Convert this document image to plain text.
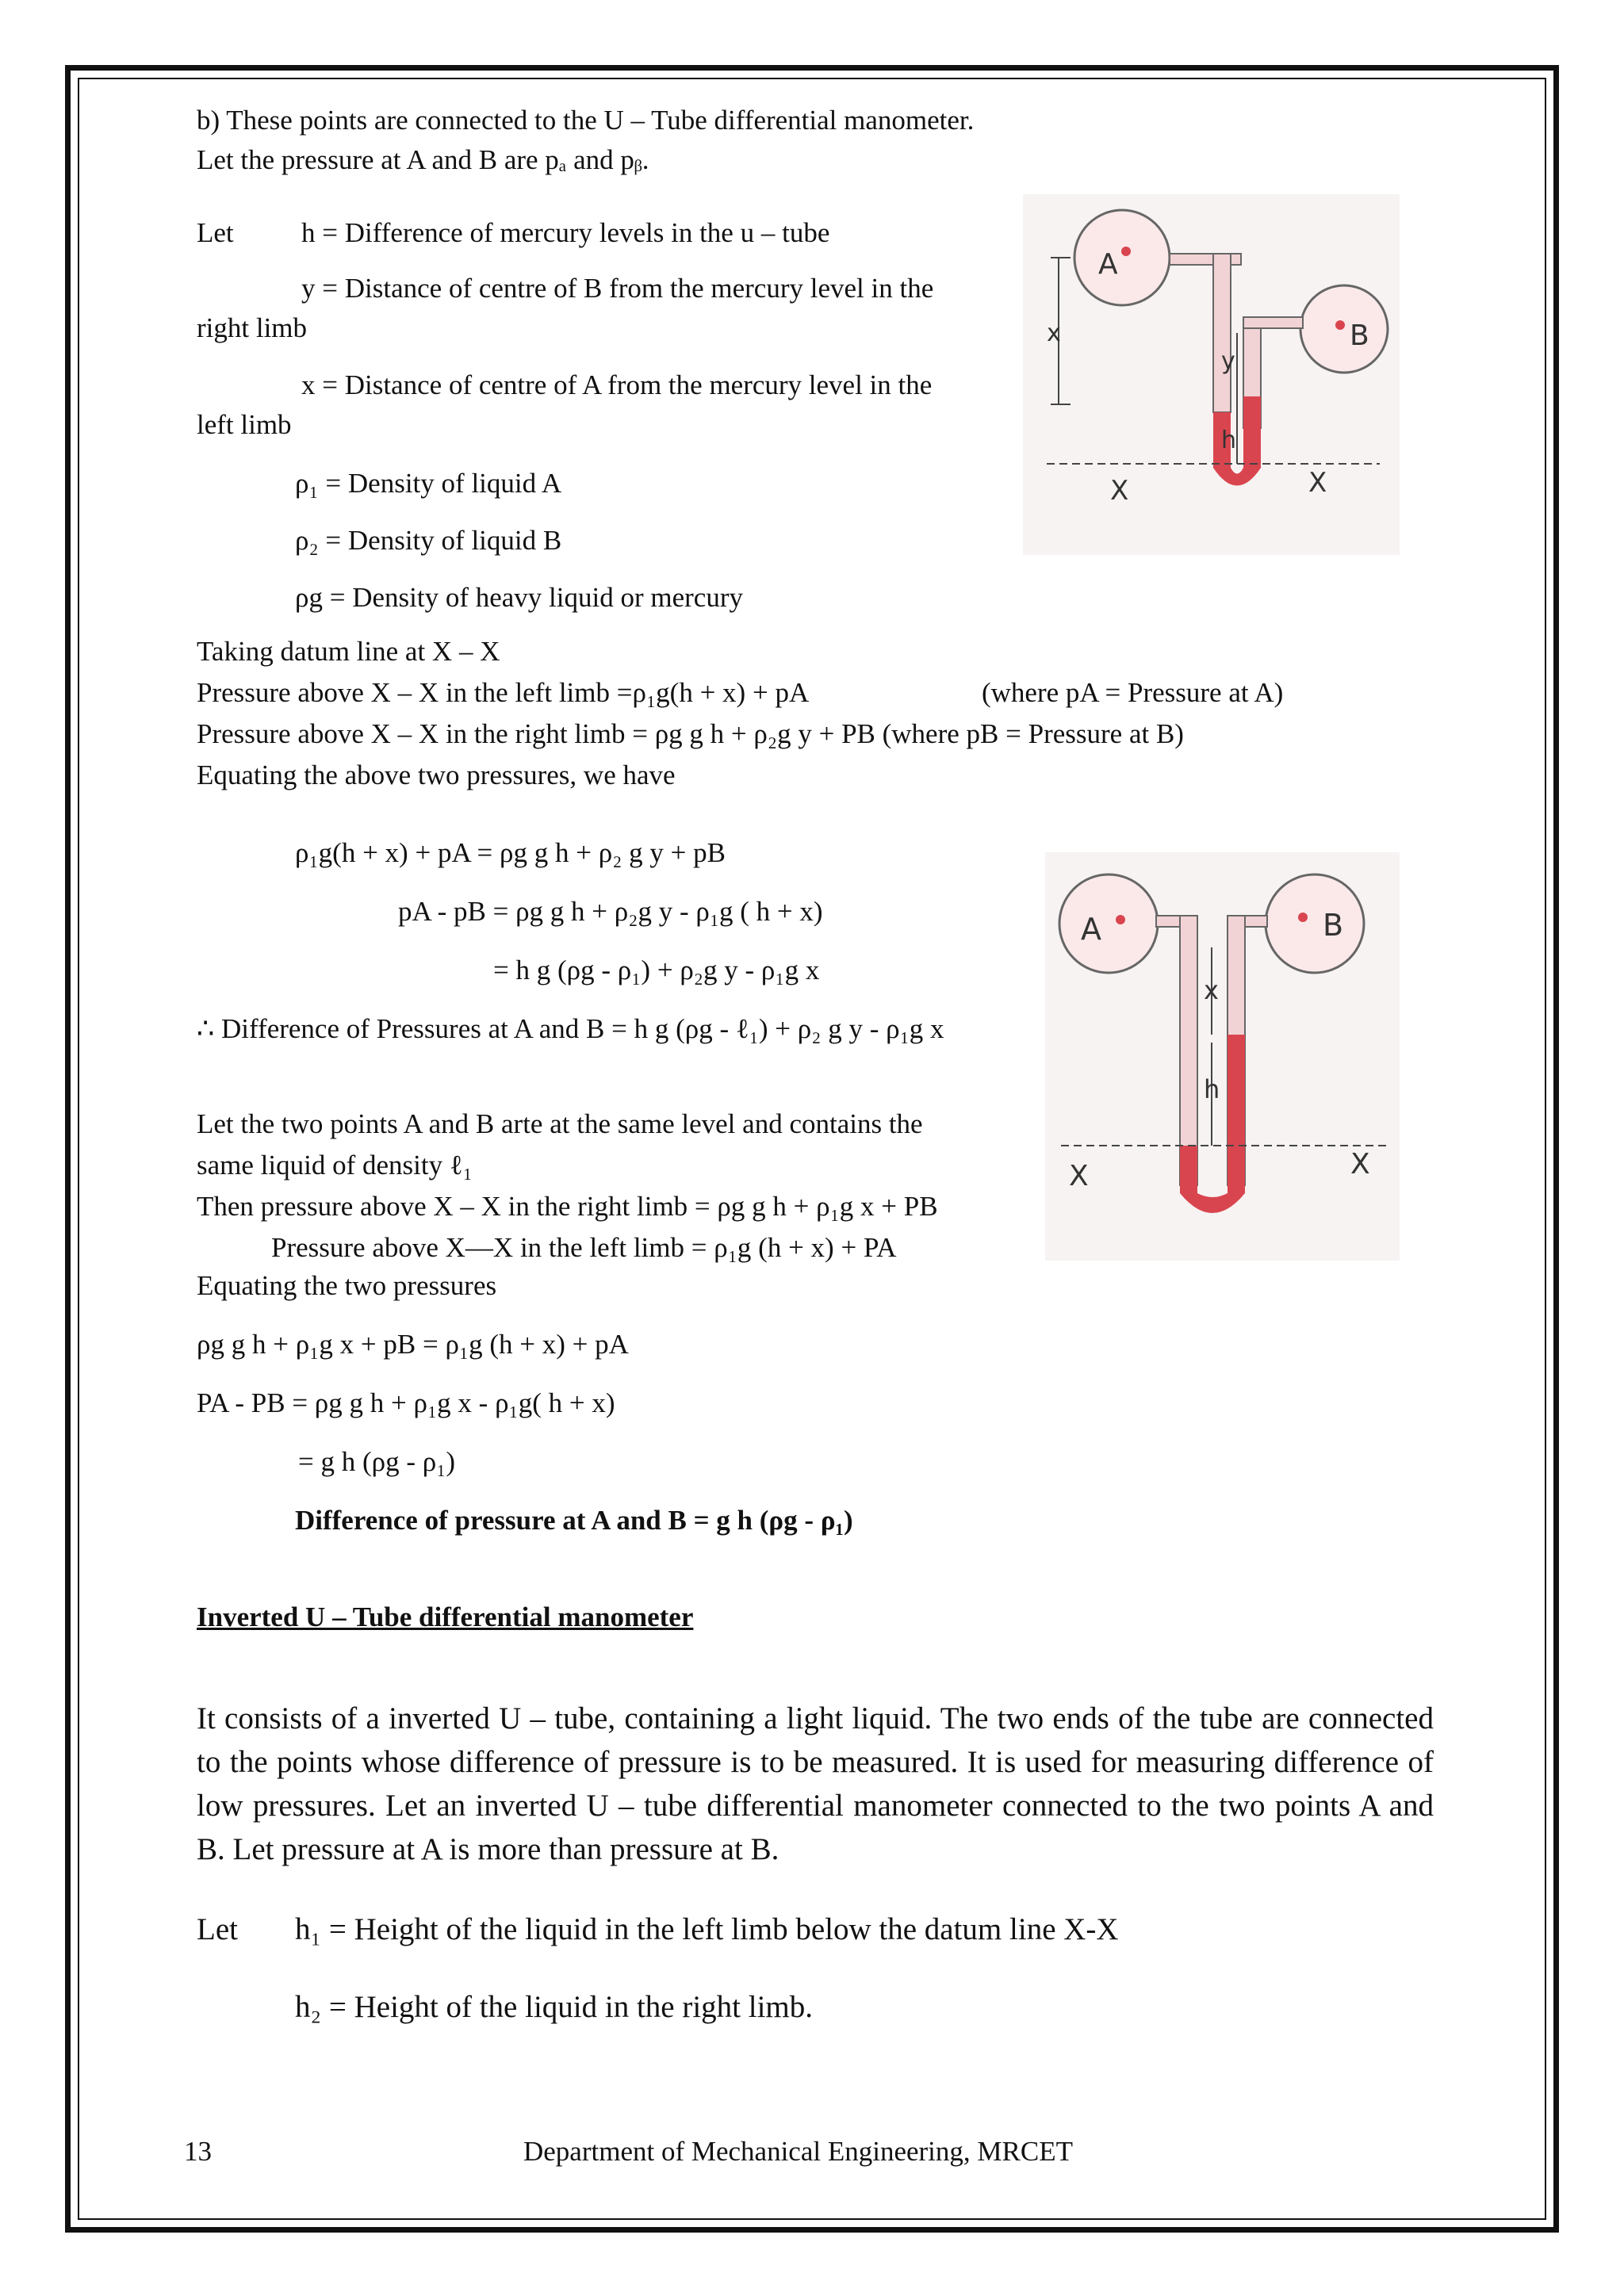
b) These points are connected to the U – Tube differential manometer.
Let the pressure at A and B are pₐ and pᵦ.
Let h = Difference of mercury levels in the u – tube
y = Distance of centre of B from the mercury level in the
right limb
x = Distance of centre of A from the mercury level in the
left limb
ρ₁ = Density of liquid A
ρ₂ = Density of liquid B
ρg = Density of heavy liquid or mercury
A
B
x
y
h
X	X
Taking datum line at X – X
Pressure above X – X in the left limb =ρ₁g(h + x) + pA	(where pA = Pressure at A)
Pressure above X – X in the right limb = ρg g h + ρ₂g y + PB (where pB = Pressure at B)
Equating the above two pressures, we have
ρ₁g(h + x) + pA = ρg g h + ρ₂ g y + pB
pA - pB = ρg g h + ρ₂g y - ρ₁g ( h + x)
= h g (ρg - ρ₁) + ρ₂g y - ρ₁g x
∴ Difference of Pressures at A and B = h g (ρg - ℓ₁) + ρ₂ g y - ρ₁g x
A	B
x
h
X	X
Let the two points A and B arte at the same level and contains the
same liquid of density ℓ₁
Then pressure above X – X in the right limb = ρg g h + ρ₁g x + PB
Pressure above X—X in the left limb = ρ₁g (h + x) + PA
Equating the two pressures
ρg g h + ρ₁g x + pB = ρ₁g (h + x) + pA
PA - PB = ρg g h + ρ₁g x - ρ₁g( h + x)
= g h (ρg - ρ₁)
Difference of pressure at A and B = g h (ρg - ρ₁)
Inverted U – Tube differential manometer
It consists of a inverted U – tube, containing a light liquid. The two ends of the tube are connected to the points whose difference of pressure is to be measured. It is used for measuring difference of low pressures. Let an inverted U – tube differential manometer connected to the two points A and B. Let pressure at A is more than pressure at B.
Let h₁ = Height of the liquid in the left limb below the datum line X-X
h₂ = Height of the liquid in the right limb.
13	Department of Mechanical Engineering, MRCET
